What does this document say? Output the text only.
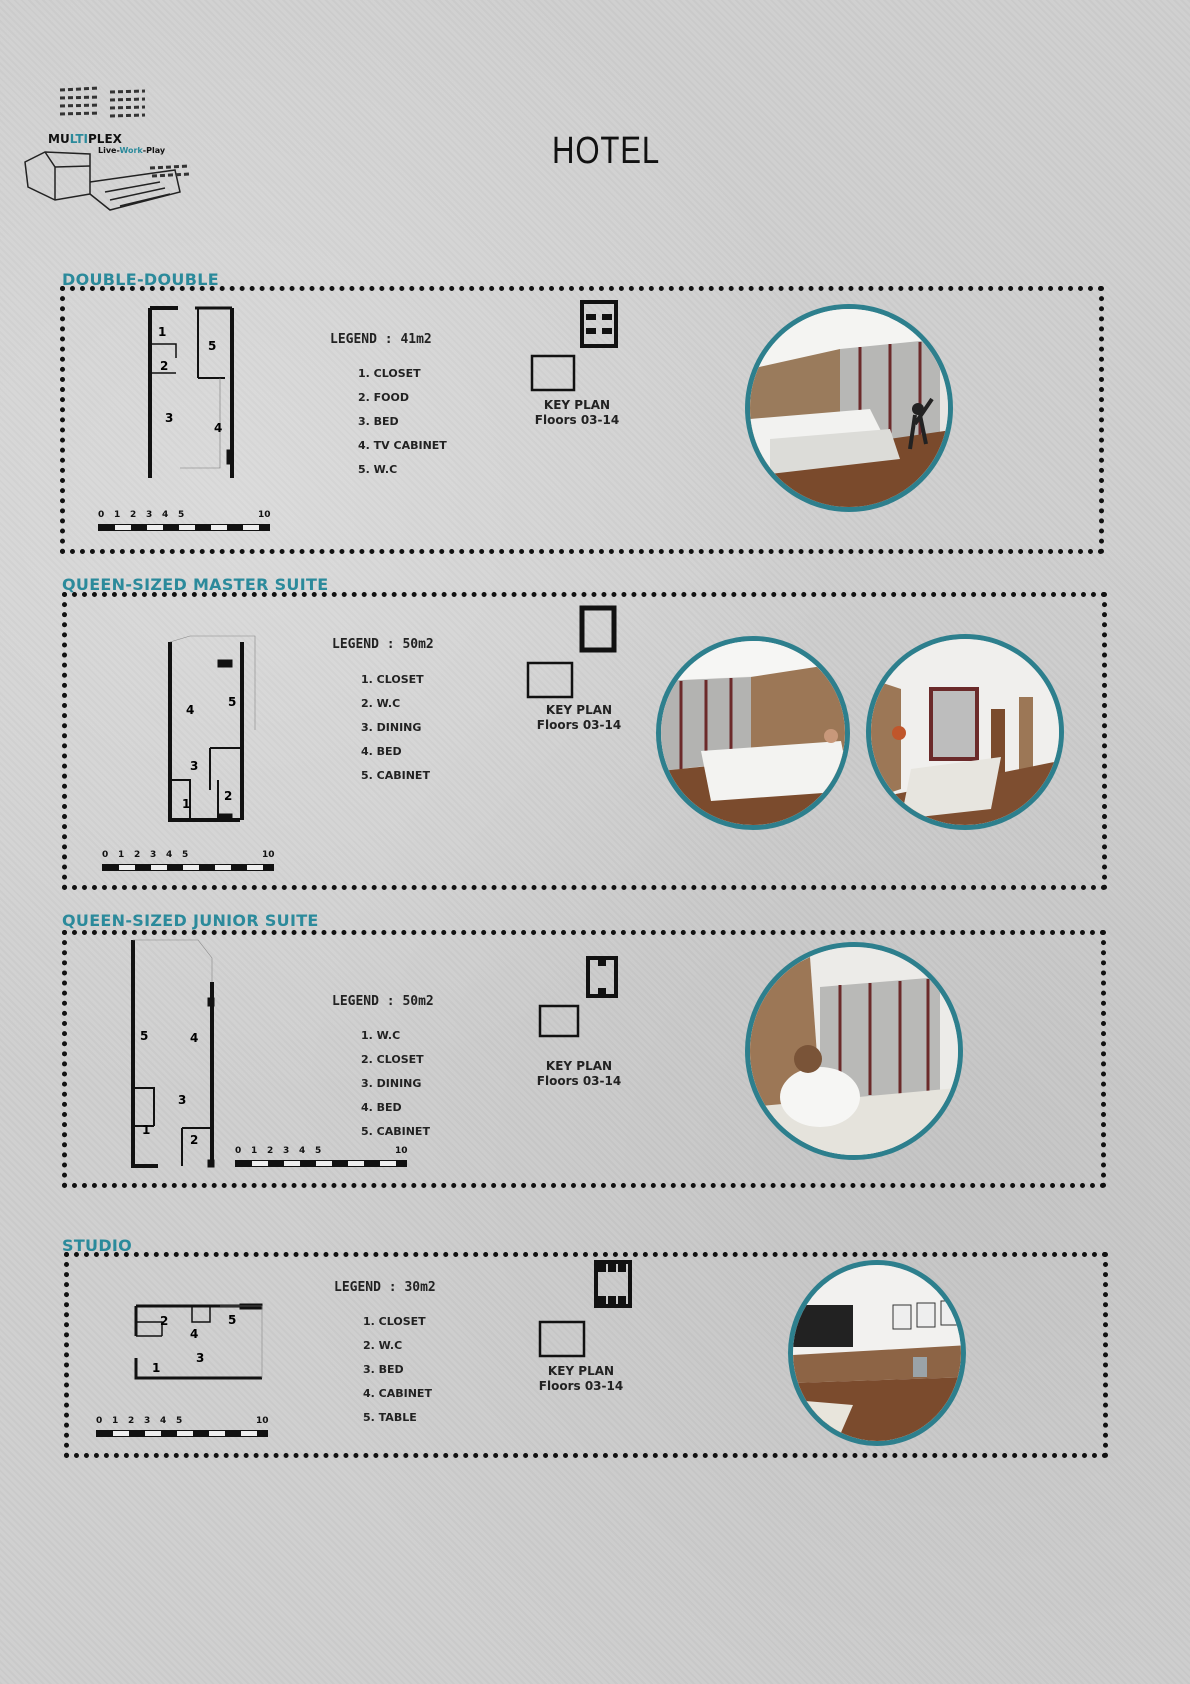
MULTIPLEX
Live-Work-Play	HOTEL
DOUBLE-DOUBLE
1
2
3
4
5
0 1 2 3 4 5	10
LEGEND : 41m2
1. CLOSET
2. FOOD
3. BED
4. TV CABINET
5. W.C
KEY PLAN
Floors 03-14
QUEEN-SIZED MASTER SUITE
1
2
3
4
5
0 1 2 3 4 5	10
LEGEND : 50m2
1. CLOSET
2. W.C
3. DINING
4. BED
5. CABINET
KEY PLAN
Floors 03-14
QUEEN-SIZED JUNIOR SUITE
1
2
3
4
5
0 1 2 3 4 5	10
LEGEND : 50m2
1. W.C
2. CLOSET
3. DINING
4. BED
5. CABINET
KEY PLAN
Floors 03-14
STUDIO
1
2
3
4
5
0 1 2 3 4 5	10
LEGEND : 30m2
1. CLOSET
2. W.C
3. BED
4. CABINET
5. TABLE
KEY PLAN
Floors 03-14
